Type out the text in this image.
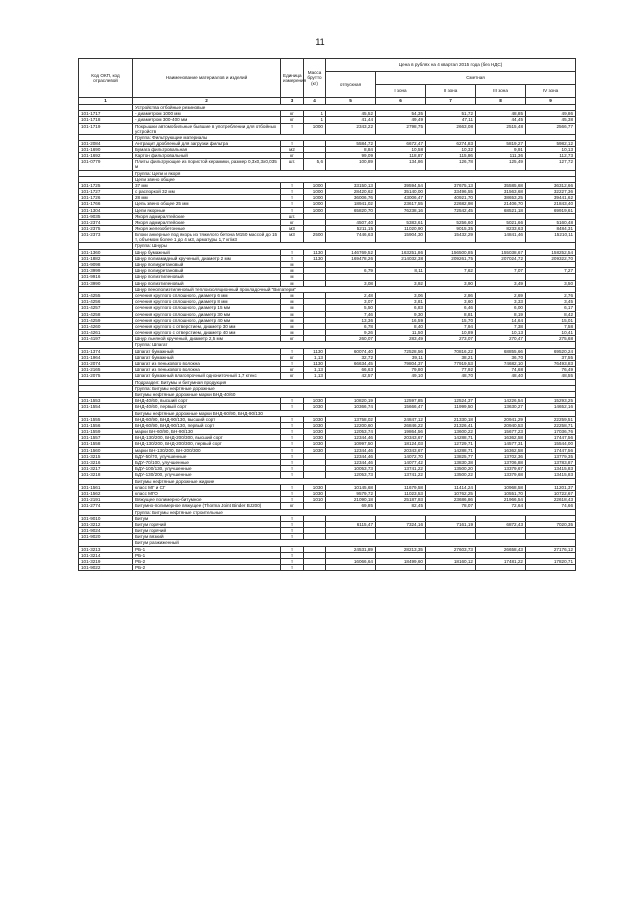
11
Код ОКП, код отраслевой	Наименование материалов и изделий	Единица измерения	Масса брутто (кг)	Цена в рублях на 4 квартал 2015 года (без НДС)				
				отпускная	Сметная			
					I зона	II зона	III зона	IV зона
1	2	3	4	5	6	7	8	9
	Устройства отбойные резиновые							
101-1717	- диаметром 1000 мм	кг	1	45,52	54,35	51,72	48,85	49,86
101-1718	- диаметром 300-400 мм	кг	1	41,44	49,49	47,11	44,45	45,38
101-1719	Покрышки автомобильные бывшие в употреблении для отбойных устройств	т	1000	2343,22	2798,75	2663,08	2515,48	2566,77
	Группа: Фильтрующие материалы							
101-2084	Антрацит дробленый для загрузки фильтра	т		5584,72	6672,47	6274,83	5819,27	5982,12
101-1690	Бумага фильтровальная	м2		8,84	10,58	10,32	9,91	10,13
101-1692	Картон фильтровальный	кг		99,09	118,87	115,86	111,36	112,73
101-0779	Плиты фильтрующие из пористой керамики, размер 0,3х0,3х0,035 м	шт.	5,6	100,89	134,86	126,78	125,49	127,72
	Группа: Цепи и якоря							
	Цепи звено общее							
101-1725	37 мм	т	1000	33150,13	39594,54	37675,13	35585,68	36312,66
101-1727	с распоркой 32 мм	т	1000	28420,62	35140,00	33496,55	31563,68	32227,36
101-1726	28 мм	т	1000	36006,76	43006,47	40921,70	38653,25	39441,62
101-1766	Цепь звено общее 25 мм	т	1000	18941,02	23617,55	22682,98	21406,70	21843,40
101-1304	Цепи якорные	т	1000	65820,70	76238,16	72542,45	68521,18	69919,61
101-9035	Якоря адмиралтейские	шт.						
101-2374	Якоря адмиралтейские	кг		4507,40	5383,61	5256,60	5021,66	5160,48
101-2375	Якоря железобетонные	м3		5211,15	11020,90	9015,35	8233,63	8484,31
101-2373	Блоки анкерные под якорь из тяжелого бетона М150 массой до 15 т, объемом более 1 до 4 м3, арматуры 1,7 кг/м3	м3	2500	7446,63	15904,30	15432,29	14841,46	15210,11
	Группа: Шнуры							
101-1360	Шнур бумажный	т	1130	146769,52	163251,86	156500,85	155038,67	158252,54
101-1882	Шнур полиамидный крученый, диаметр 2 мм	т	1130	169478,26	214032,38	209261,75	207024,72	209322,70
101-9098	Шнур полиуретановый	м						
101-3999	Шнур полиуретановый	м		6,79	8,11	7,62	7,07	7,27
101-9916	Шнур полиэтиленовый	м						
101-3990	Шнур полиэтиленовый	м		3,08	3,92	3,90	3,49	3,50
	Шнур пенополиэтиленовый теплоизоляционный прокладочный "Вилатерм"							
101-4255	сечения круглого сплошного, диаметр 6 мм	м		2,48	3,06	2,86	2,69	2,76
101-4256	сечения круглого сплошного, диаметр 8 мм	м		3,07	3,81	3,60	3,33	3,45
101-4257	сечения круглого сплошного, диаметр 15 мм	м		5,50	6,83	6,46	6,00	6,17
101-4258	сечения круглого сплошного, диаметр 30 мм	м		7,46	9,30	8,81	8,19	8,42
101-4259	сечения круглого сплошного, диаметр 40 мм	м		13,36	16,59	15,70	14,64	15,01
101-4260	сечения круглого с отверстием, диаметр 30 мм	м		6,78	8,40	7,94	7,38	7,58
101-4261	сечения круглого с отверстием, диаметр 40 мм	м		9,26	11,50	10,89	10,13	10,41
101-4197	Шнур льняной крученый, диаметр 2,5 мм	кг		260,07	283,49	273,07	270,47	275,68
	Группа: Шпагат							
101-1374	Шпагат бумажный	т	1130	60074,40	72528,56	70816,22	68855,66	69520,24
101-1964	Шпагат бумажный	кг	1,13	32,72	39,11	38,21	36,70	37,55
101-2074	Шпагат из пенькового волокна	т	1130	66634,45	79804,37	77919,53	74682,10	76493,83
101-2165	Шпагат из пенькового волокна	кг	1,13	66,63	79,80	77,92	74,68	76,49
101-2075	Шпагат бумажный влагопрочный однониточный 1,7 ктекс	кг	1,13	42,57	49,10	48,70	48,40	48,55
	Подраздел: Битумы и битумная продукция							
	Группа: Битумы нефтяные дорожные							
	Битумы нефтяные дорожные марки БНД-40/60							
101-1553	БНД-40/60, высший сорт	т	1030	10820,19	12597,85	12524,37	14226,54	15293,25
101-1554	БНД-40/60, первый сорт	т	1030	10366,74	15666,47	11999,50	13630,27	14652,16
	Битумы нефтяные дорожные марки БНД-60/90, БНД-90/130							
101-1555	БНД-60/90, БНД-90/130, высший сорт	т	1030	13758,02	24847,12	21330,18	20941,29	22259,51
101-1556	БНД-60/90, БНД-90/130, первый сорт	т	1030	12200,60	26846,22	21326,41	20940,53	22258,71
101-1559	марки БН-60/90, БН-90/130	т	1030	12053,74	19864,56	13600,22	15677,23	17036,76
101-1557	БНД-130/200, БНД-200/300, высший сорт	т	1030	12344,46	20343,67	14288,71	16362,58	17447,56
101-1558	БНД-130/200, БНД-200/300, первый сорт	т	1030	10997,50	18124,03	12729,71	14577,31	15544,00
101-1560	марки БН-130/200, БН-200/300	т	1030	12344,46	20343,67	14288,71	16362,58	17447,56
101-3215	БДУ-50/70, улучшенные	т		12344,46	14072,70	13825,77	13702,36	13779,35
101-3216	БДУ-70/100, улучшенные	т		12344,46	14077,42	13830,38	13706,88	13783,87
101-3217	БДУ-100/130, улучшенные	т		10053,73	13741,22	13500,20	13379,67	13415,83
101-3218	БДУ-130/200, улучшенные	т		12053,73	13741,22	13500,22	13379,68	13415,83
	Битумы нефтяные дорожные жидкие							
101-1561	класс МГ и СГ	т	1030	10145,68	11679,58	11414,24	10968,58	11201,37
101-1562	класс МГО	т	1030	9579,72	11023,53	10762,25	10551,70	10722,67
101-2191	Вяжущее полимерно-битумное	т	1010	21090,18	25187,93	23686,86	21966,54	22618,43
101-2774	Битумно-полимерное вяжущее (Thorma Joint Binder BJ200)	кг		69,85	82,45	78,07	72,64	74,66
	Группа: Битумы нефтяные строительные							
101-9010	Битум	т						
101-3212	Битум горячий	т		6115,47	7324,16	7161,19	6872,43	7020,35
101-9024	Битум горячий	т						
101-9020	Битум вязкий	т						
	Битум разжиженный							
101-3213	РБ-1	т		24531,89	28213,35	27603,73	26658,43	27176,12
101-3214	РБ-1	т						
101-3219	РБ-2	т		16066,64	18499,60	18160,12	17481,22	17820,71
101-9022	РБ-2	т						
